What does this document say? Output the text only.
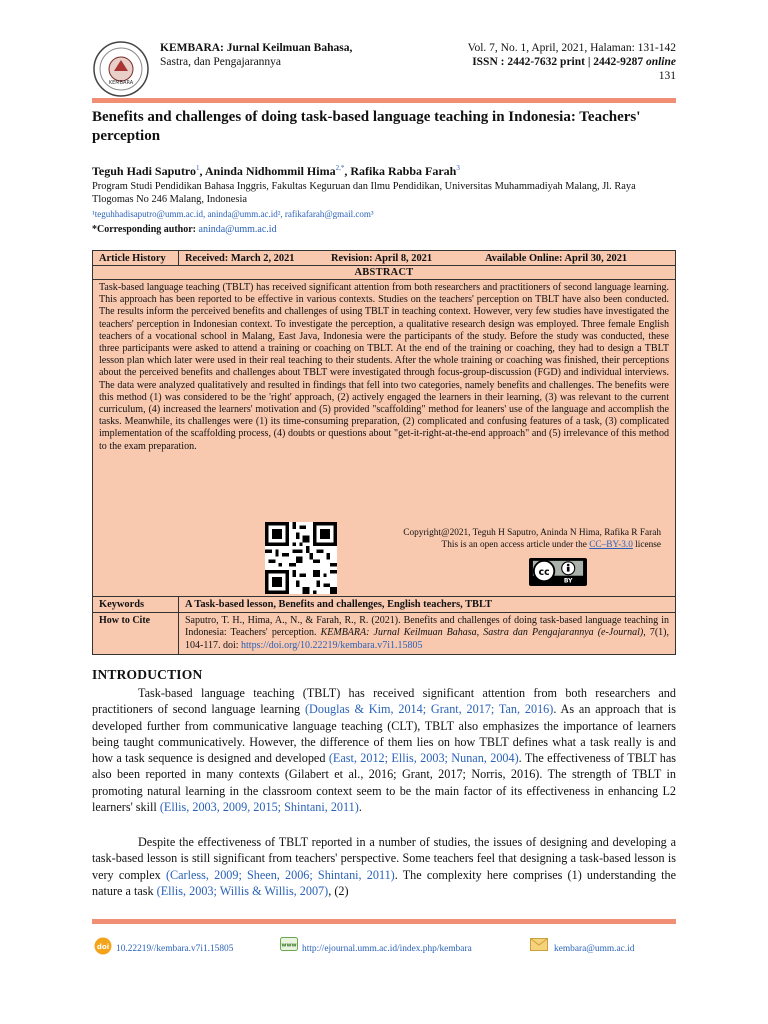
KEMBARA
KEMBARA: Jurnal Keilmuan Bahasa,
Sastra, dan Pengajarannya
Vol. 7, No. 1, April, 2021, Halaman: 131-142
ISSN : 2442-7632 print | 2442-9287 online
131
Benefits and challenges of doing task-based language teaching in Indonesia: Teachers' perception
Teguh Hadi Saputro$^1$, Aninda Nidhommil Hima$^{2,*}$, Rafika Rabba Farah$^3$
Program Studi Pendidikan Bahasa Inggris, Fakultas Keguruan dan Ilmu Pendidikan, Universitas Muhammadiyah Malang, Jl. Raya Tlogomas No 246 Malang, Indonesia
¹teguhhadisaputro@umm.ac.id, aninda@umm.ac.id², rafikafarah@gmail.com³
*Corresponding author: aninda@umm.ac.id
Article History	Received: March 2, 2021	Revision: April 8, 2021	Available Online: April 30, 2021
ABSTRACT
Task-based language teaching (TBLT) has received significant attention from both researchers and practitioners of second language learning. This approach has been reported to be effective in various contexts. Studies on the teachers' perception on TBLT have also been conducted. The results inform the perceived benefits and challenges of using TBLT in teaching context. However, very few studies have investigated the teachers' perception in Indonesian context. To investigate the perception, a qualitative research design was employed. Three female English teachers of a vocational school in Malang, East Java, Indonesia were the participants of the study. Before the study was conducted, these three participants were asked to attend a training or coaching on TBLT. At the end of the training or coaching, they had to design a TBLT lesson plan which later were used in their real teaching to their students. After the whole training or coaching was finished, their perceptions about the perceived benefits and challenges about TBLT were investigated through focus-group-discussion (FGD) and individual interviews. The data were analyzed qualitatively and resulted in findings that fell into two categories, namely benefits and challenges. The benefits were this method (1) was considered to be the 'right' approach, (2) actively engaged the learners in their learning, (3) was relevant to the current curriculum, (4) increased the learners' motivation and (5) provided "scaffolding" method for leaners' use of the language and accomplish the tasks. Meanwhile, its challenges were (1) its time-consuming preparation, (2) complicated and confusing features of a task, (3) complicated implementation of the scaffolding process, (4) doubts or questions about "get-it-right-at-the-end approach" and (5) irrelevance of this method to the exam preparation.
Copyright@2021, Teguh H Saputro, Aninda N Hima, Rafika R Farah
This is an open access article under the CC–BY-3.0 license
cc
BY
Keywords	A Task-based lesson, Benefits and challenges, English teachers, TBLT
How to Cite	Saputro, T. H., Hima, A., N., & Farah, R., R. (2021). Benefits and challenges of doing task-based language teaching in Indonesia: Teachers' perception. KEMBARA: Jurnal Keilmuan Bahasa, Sastra dan Pengajarannya (e-Journal), 7(1), 104-117. doi: https://doi.org/10.22219/kembara.v7i1.15805
INTRODUCTION
Task-based language teaching (TBLT) has received significant attention from both researchers and practitioners of second language learning (Douglas & Kim, 2014; Grant, 2017; Tan, 2016). As an approach that is developed further from communicative language teaching (CLT), TBLT also emphasizes the importance of learners being taught communicatively. However, the difference of them lies on how TBLT defines what a task really is and how a task sequence is designed and developed (East, 2012; Ellis, 2003; Nunan, 2004). The effectiveness of TBLT has also been reported in many contexts (Gilabert et al., 2016; Grant, 2017; Norris, 2016). The strength of TBLT in promoting natural learning in the classroom context seem to be the main factor of its effectiveness in enhancing L2 learners' skill (Ellis, 2003, 2009, 2015; Shintani, 2011).
Despite the effectiveness of TBLT reported in a number of studies, the issues of designing and developing a task-based lesson is still significant from teachers' perspective. Some teachers feel that designing a task-based lesson is very complex (Carless, 2009; Sheen, 2006; Shintani, 2011). The complexity here comprises (1) understanding the nature a task (Ellis, 2003; Willis & Willis, 2007), (2)
doi 10.22219//kembara.v7i1.15805	www http://ejournal.umm.ac.id/index.php/kembara	kembara@umm.ac.id
